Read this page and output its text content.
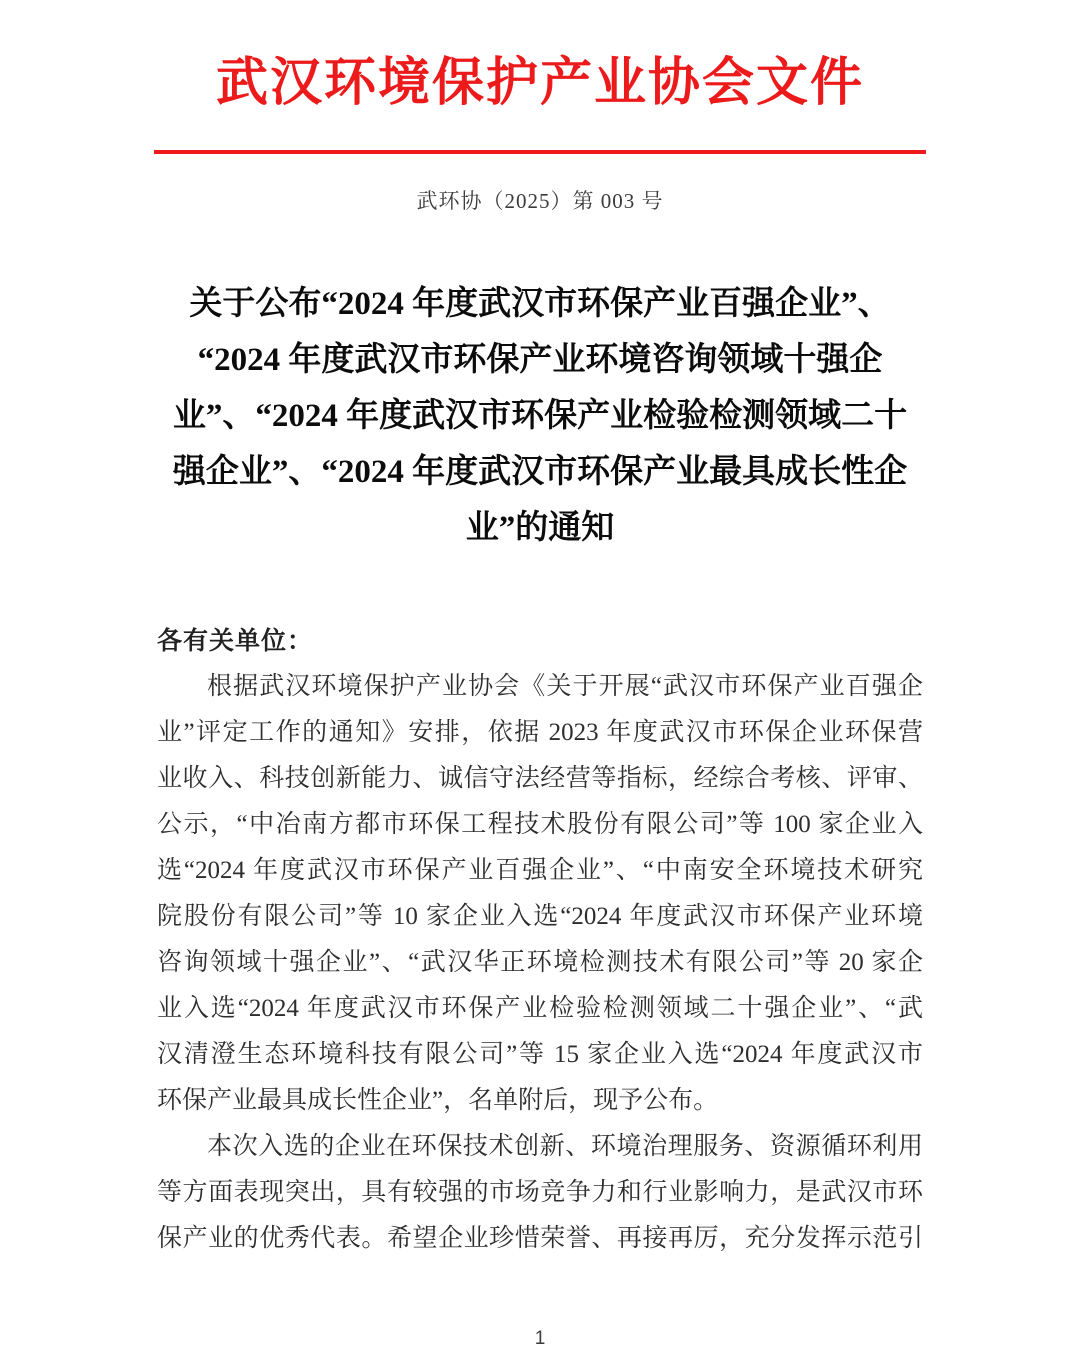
武汉环境保护产业协会文件
武环协（2025）第 003 号
关于公布“2024 年度武汉市环保产业百强企业”、
“2024 年度武汉市环保产业环境咨询领域十强企
业”、“2024 年度武汉市环保产业检验检测领域二十
强企业”、“2024 年度武汉市环保产业最具成长性企
业”的通知
各有关单位：
根据武汉环境保护产业协会《关于开展“武汉市环保产业百强企
业”评定工作的通知》安排，依据 2023 年度武汉市环保企业环保营
业收入、科技创新能力、诚信守法经营等指标，经综合考核、评审、
公示，“中冶南方都市环保工程技术股份有限公司”等 100 家企业入
选“2024 年度武汉市环保产业百强企业”、“中南安全环境技术研究
院股份有限公司”等 10 家企业入选“2024 年度武汉市环保产业环境
咨询领域十强企业”、“武汉华正环境检测技术有限公司”等 20 家企
业入选“2024 年度武汉市环保产业检验检测领域二十强企业”、“武
汉清澄生态环境科技有限公司”等 15 家企业入选“2024 年度武汉市
环保产业最具成长性企业”，名单附后，现予公布。
本次入选的企业在环保技术创新、环境治理服务、资源循环利用
等方面表现突出，具有较强的市场竞争力和行业影响力，是武汉市环
保产业的优秀代表。希望企业珍惜荣誉、再接再厉，充分发挥示范引
1
